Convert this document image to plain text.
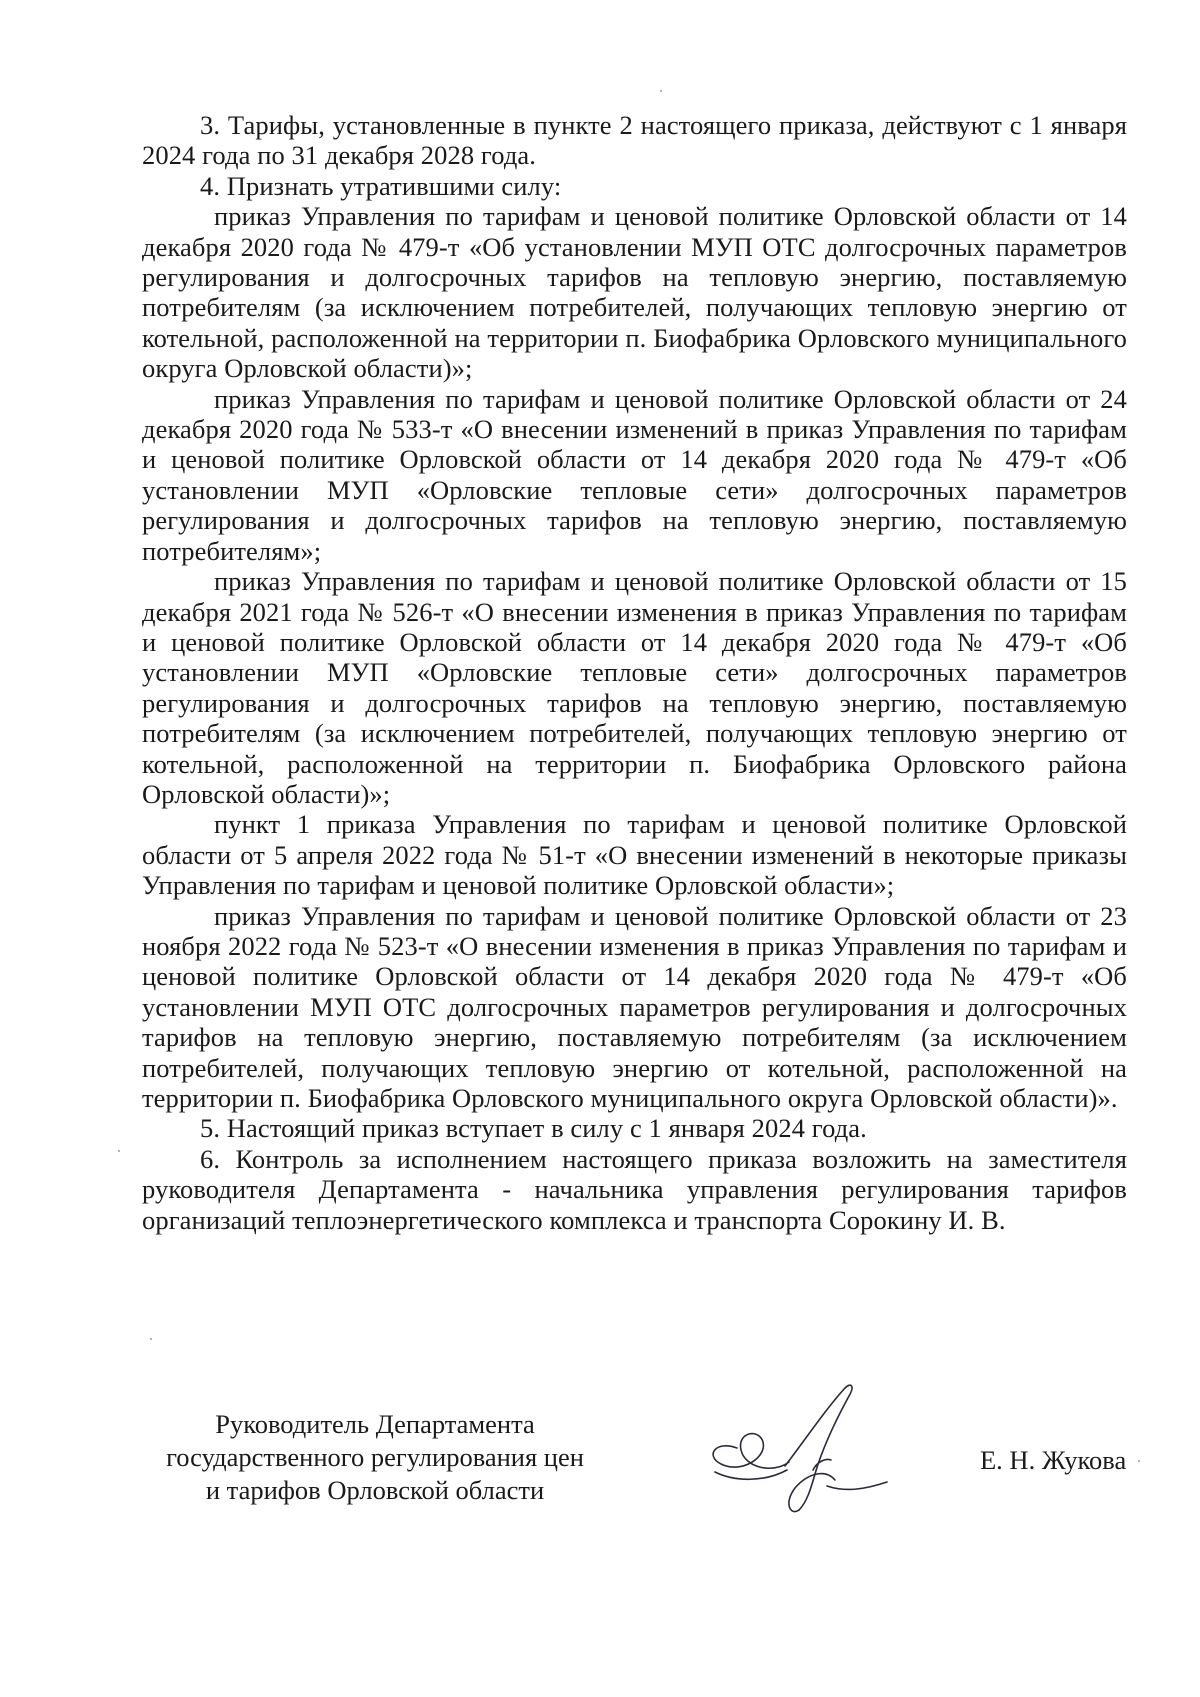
3. Тарифы, установленные в пункте 2 настоящего приказа, действуют с 1 января 2024 года по 31 декабря 2028 года.

4. Признать утратившими силу:

приказ Управления по тарифам и ценовой политике Орловской области от 14 декабря 2020 года № 479-т «Об установлении МУП ОТС долгосрочных параметров регулирования и долгосрочных тарифов на тепловую энергию, поставляемую потребителям (за исключением потребителей, получающих тепловую энергию от котельной, расположенной на территории п. Биофабрика Орловского муниципального округа Орловской области)»;

приказ Управления по тарифам и ценовой политике Орловской области от 24 декабря 2020 года № 533-т «О внесении изменений в приказ Управления по тарифам и ценовой политике Орловской области от 14 декабря 2020 года № 479-т «Об установлении МУП «Орловские тепловые сети» долгосрочных параметров регулирования и долгосрочных тарифов на тепловую энергию, поставляемую потребителям»;

приказ Управления по тарифам и ценовой политике Орловской области от 15 декабря 2021 года № 526-т «О внесении изменения в приказ Управления по тарифам и ценовой политике Орловской области от 14 декабря 2020 года № 479-т «Об установлении МУП «Орловские тепловые сети» долгосрочных параметров регулирования и долгосрочных тарифов на тепловую энергию, поставляемую потребителям (за исключением потребителей, получающих тепловую энергию от котельной, расположенной на территории п. Биофабрика Орловского района Орловской области)»;

пункт 1 приказа Управления по тарифам и ценовой политике Орловской области от 5 апреля 2022 года № 51-т «О внесении изменений в некоторые приказы Управления по тарифам и ценовой политике Орловской области»;

приказ Управления по тарифам и ценовой политике Орловской области от 23 ноября 2022 года № 523-т «О внесении изменения в приказ Управления по тарифам и ценовой политике Орловской области от 14 декабря 2020 года № 479-т «Об установлении МУП ОТС долгосрочных параметров регулирования и долгосрочных тарифов на тепловую энергию, поставляемую потребителям (за исключением потребителей, получающих тепловую энергию от котельной, расположенной на территории п. Биофабрика Орловского муниципального округа Орловской области)».

5. Настоящий приказ вступает в силу с 1 января 2024 года.

6. Контроль за исполнением настоящего приказа возложить на заместителя руководителя Департамента - начальника управления регулирования тарифов организаций теплоэнергетического комплекса и транспорта Сорокину И. В.

Руководитель Департамента
государственного регулирования цен
и тарифов Орловской области
Е. Н. Жукова
